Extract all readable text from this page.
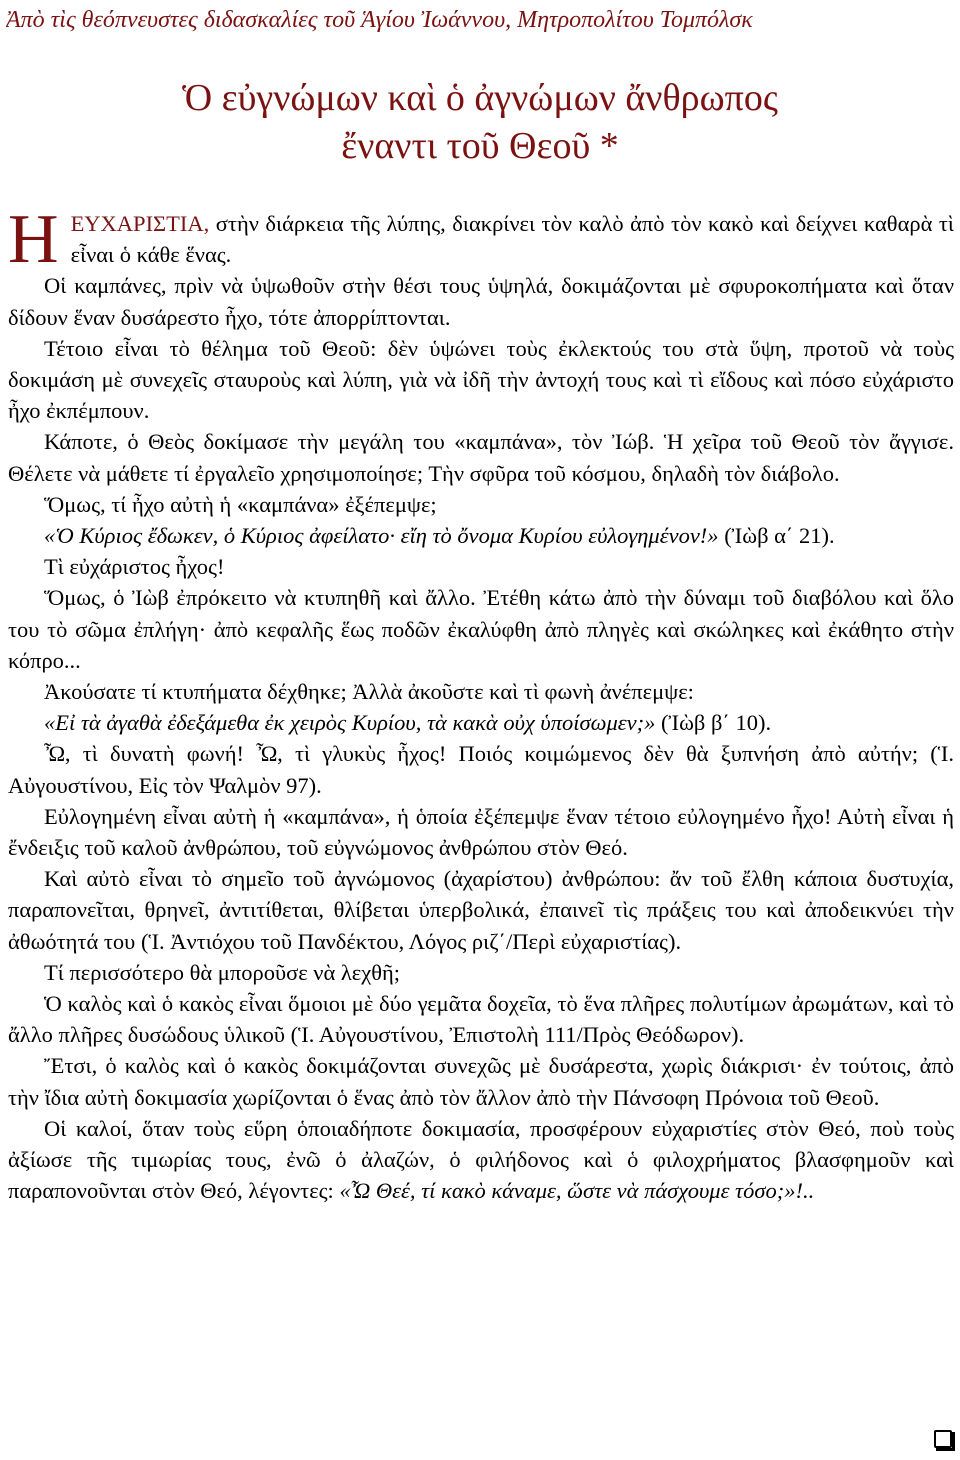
Ἀπὸ τὶς θεόπνευστες διδασκαλίες τοῦ Ἁγίου Ἰωάννου, Μητροπολίτου Τομπόλσκ
Ὁ εὐγνώμων καὶ ὁ ἀγνώμων ἄνθρωπος
ἔναντι τοῦ Θεοῦ *

ΗΕΥΧΑΡΙΣΤΙΑ, στὴν διάρκεια τῆς λύπης, διακρίνει τὸν καλὸ ἀπὸ τὸν κακὸ καὶ δείχνει καθαρὰ τὶ εἶναι ὁ κάθε ἕνας.

Οἱ καμπάνες, πρὶν νὰ ὑψωθοῦν στὴν θέσι τους ὑψηλά, δοκιμάζονται μὲ σφυροκοπήματα καὶ ὅταν δίδουν ἕναν δυσάρεστο ἦχο, τότε ἀπορρίπτονται.

Τέτοιο εἶναι τὸ θέλημα τοῦ Θεοῦ: δὲν ὑψώνει τοὺς ἐκλεκτούς του στὰ ὕψη, προτοῦ νὰ τοὺς δοκιμάση μὲ συνεχεῖς σταυροὺς καὶ λύπη, γιὰ νὰ ἰδῆ τὴν ἀντοχή τους καὶ τὶ εἴδους καὶ πόσο εὐχάριστο ἦχο ἐκπέμπουν.

Κάποτε, ὁ Θεὸς δοκίμασε τὴν μεγάλη του «καμπάνα», τὸν Ἰώβ. Ἡ χεῖρα τοῦ Θεοῦ τὸν ἄγγισε. Θέλετε νὰ μάθετε τί ἐργαλεῖο χρησιμοποίησε; Τὴν σφῦρα τοῦ κόσμου, δηλαδὴ τὸν διάβολο.

Ὅμως, τί ἦχο αὐτὴ ἡ «καμπάνα» ἐξέπεμψε;

«Ὁ Κύριος ἔδωκεν, ὁ Κύριος ἀφείλατο· εἴη τὸ ὄνομα Κυρίου εὐλογημένον!» (Ἰὼβ α΄ 21).

Τὶ εὐχάριστος ἦχος!

Ὅμως, ὁ Ἰὼβ ἐπρόκειτο νὰ κτυπηθῆ καὶ ἄλλο. Ἐτέθη κάτω ἀπὸ τὴν δύναμι τοῦ διαβόλου καὶ ὅλο του τὸ σῶμα ἐπλήγη· ἀπὸ κεφαλῆς ἕως ποδῶν ἐκαλύφθη ἀπὸ πληγὲς καὶ σκώληκες καὶ ἐκάθητο στὴν κόπρο...

Ἀκούσατε τί κτυπήματα δέχθηκε; Ἀλλὰ ἀκοῦστε καὶ τὶ φωνὴ ἀνέπεμψε:

«Εἰ τὰ ἀγαθὰ ἐδεξάμεθα ἐκ χειρὸς Κυρίου, τὰ κακὰ οὐχ ὑποίσωμεν;» (Ἰὼβ β΄ 10).

Ὦ, τὶ δυνατὴ φωνή! Ὦ, τὶ γλυκὺς ἦχος! Ποιός κοιμώμενος δὲν θὰ ξυπνήση ἀπὸ αὐτήν; (Ἱ. Αὐγουστίνου, Εἰς τὸν Ψαλμὸν 97).

Εὐλογημένη εἶναι αὐτὴ ἡ «καμπάνα», ἡ ὁποία ἐξέπεμψε ἕναν τέτοιο εὐλογημένο ἦχο! Αὐτὴ εἶναι ἡ ἔνδειξις τοῦ καλοῦ ἀνθρώπου, τοῦ εὐγνώμονος ἀνθρώπου στὸν Θεό.

Καὶ αὐτὸ εἶναι τὸ σημεῖο τοῦ ἀγνώμονος (ἀχαρίστου) ἀνθρώπου: ἄν τοῦ ἔλθη κάποια δυστυχία, παραπονεῖται, θρηνεῖ, ἀντιτίθεται, θλίβεται ὑπερβολικά, ἐπαινεῖ τὶς πράξεις του καὶ ἀποδεικνύει τὴν ἀθωότητά του (Ἱ. Ἀντιόχου τοῦ Πανδέκτου, Λόγος ριζ΄/Περὶ εὐχαριστίας).

Τί περισσότερο θὰ μποροῦσε νὰ λεχθῆ;

Ὁ καλὸς καὶ ὁ κακὸς εἶναι ὅμοιοι μὲ δύο γεμᾶτα δοχεῖα, τὸ ἕνα πλῆρες πολυτίμων ἀρωμάτων, καὶ τὸ ἄλλο πλῆρες δυσώδους ὑλικοῦ (Ἱ. Αὐγουστίνου, Ἐπιστολὴ 111/Πρὸς Θεόδωρον).

Ἔτσι, ὁ καλὸς καὶ ὁ κακὸς δοκιμάζονται συνεχῶς μὲ δυσάρεστα, χωρὶς διάκρισι· ἐν τούτοις, ἀπὸ τὴν ἴδια αὐτὴ δοκιμασία χωρίζονται ὁ ἕνας ἀπὸ τὸν ἄλλον ἀπὸ τὴν Πάνσοφη Πρόνοια τοῦ Θεοῦ.

Οἱ καλοί, ὅταν τοὺς εὕρη ὁποιαδήποτε δοκιμασία, προσφέρουν εὐχαριστίες στὸν Θεό, ποὺ τοὺς ἀξίωσε τῆς τιμωρίας τους, ἐνῶ ὁ ἀλαζών, ὁ φιλήδονος καὶ ὁ φιλοχρήματος βλασφημοῦν καὶ παραπονοῦνται στὸν Θεό, λέγοντες: «Ὦ Θεέ, τί κακὸ κάναμε, ὥστε νὰ πάσχουμε τόσο;»!..
